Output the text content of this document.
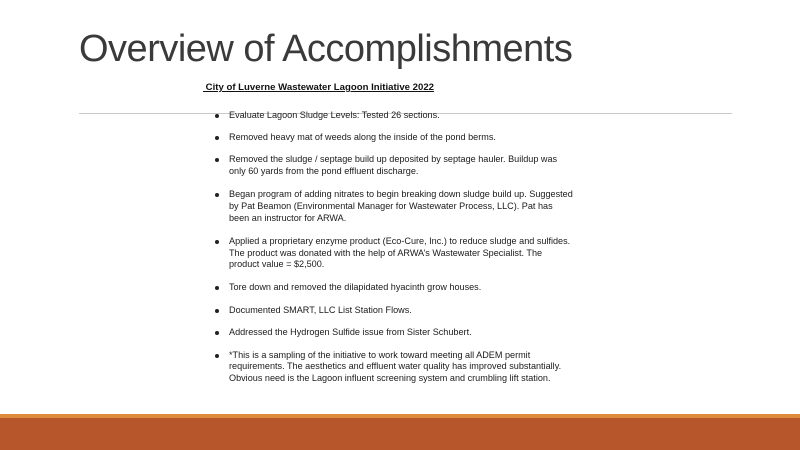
Overview of Accomplishments
City of Luverne Wastewater Lagoon Initiative 2022
Evaluate Lagoon Sludge Levels: Tested 26 sections.
Removed heavy mat of weeds along the inside of the pond berms.
Removed the sludge / septage build up deposited by septage hauler. Buildup was only 60 yards from the pond effluent discharge.
Began program of adding nitrates to begin breaking down sludge build up. Suggested by Pat Beamon (Environmental Manager for Wastewater Process, LLC). Pat has been an instructor for ARWA.
Applied a proprietary enzyme product (Eco-Cure, Inc.) to reduce sludge and sulfides. The product was donated with the help of ARWA’s Wastewater Specialist. The product value = $2,500.
Tore down and removed the dilapidated hyacinth grow houses.
Documented SMART, LLC List Station Flows.
Addressed the Hydrogen Sulfide issue from Sister Schubert.
*This is a sampling of the initiative to work toward meeting all ADEM permit requirements. The aesthetics and effluent water quality has improved substantially. Obvious need is the Lagoon influent screening system and crumbling lift station.
